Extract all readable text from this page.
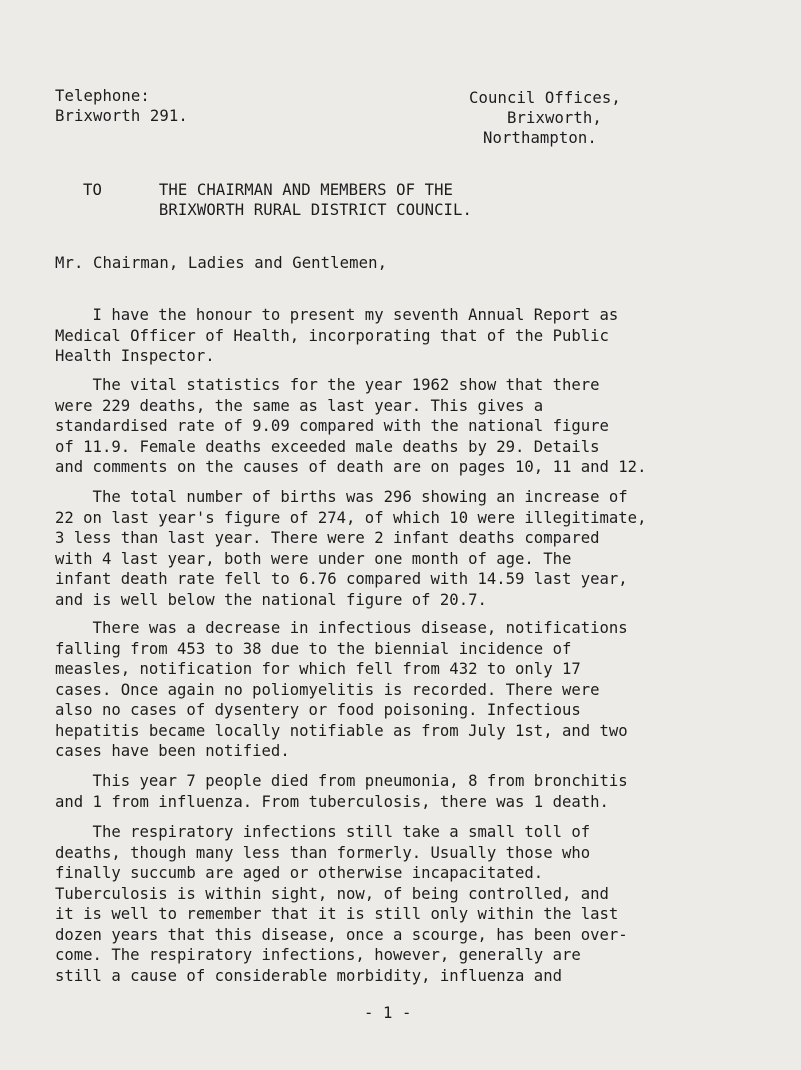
Telephone:
Brixworth 291.
Council Offices,
Brixworth,
Northampton.
TO      THE CHAIRMAN AND MEMBERS OF THE
BRIXWORTH RURAL DISTRICT COUNCIL.
Mr. Chairman, Ladies and Gentlemen,
I have the honour to present my seventh Annual Report as
Medical Officer of Health, incorporating that of the Public
Health Inspector.
The vital statistics for the year 1962 show that there
were 229 deaths, the same as last year. This gives a
standardised rate of 9.09 compared with the national figure
of 11.9. Female deaths exceeded male deaths by 29. Details
and comments on the causes of death are on pages 10, 11 and 12.
The total number of births was 296 showing an increase of
22 on last year's figure of 274, of which 10 were illegitimate,
3 less than last year. There were 2 infant deaths compared
with 4 last year, both were under one month of age. The
infant death rate fell to 6.76 compared with 14.59 last year,
and is well below the national figure of 20.7.
There was a decrease in infectious disease, notifications
falling from 453 to 38 due to the biennial incidence of
measles, notification for which fell from 432 to only 17
cases. Once again no poliomyelitis is recorded. There were
also no cases of dysentery or food poisoning. Infectious
hepatitis became locally notifiable as from July 1st, and two
cases have been notified.
This year 7 people died from pneumonia, 8 from bronchitis
and 1 from influenza. From tuberculosis, there was 1 death.
The respiratory infections still take a small toll of
deaths, though many less than formerly. Usually those who
finally succumb are aged or otherwise incapacitated.
Tuberculosis is within sight, now, of being controlled, and
it is well to remember that it is still only within the last
dozen years that this disease, once a scourge, has been over-
come. The respiratory infections, however, generally are
still a cause of considerable morbidity, influenza and
- 1 -
